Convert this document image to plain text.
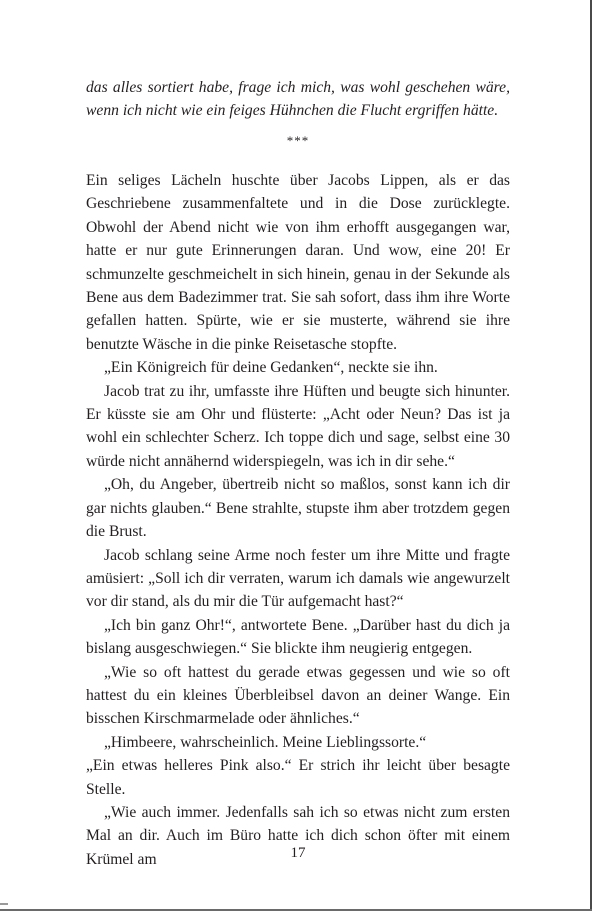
das alles sortiert habe, frage ich mich, was wohl geschehen wäre, wenn ich nicht wie ein feiges Hühnchen die Flucht ergriffen hätte.

***

Ein seliges Lächeln huschte über Jacobs Lippen, als er das Geschriebene zusammenfaltete und in die Dose zurücklegte. Obwohl der Abend nicht wie von ihm erhofft ausgegangen war, hatte er nur gute Erinnerungen daran. Und wow, eine 20! Er schmunzelte geschmeichelt in sich hinein, genau in der Sekunde als Bene aus dem Badezimmer trat. Sie sah sofort, dass ihm ihre Worte gefallen hatten. Spürte, wie er sie musterte, während sie ihre benutzte Wäsche in die pinke Reisetasche stopfte.

„Ein Königreich für deine Gedanken“, neckte sie ihn.

Jacob trat zu ihr, umfasste ihre Hüften und beugte sich hinunter. Er küsste sie am Ohr und flüsterte: „Acht oder Neun? Das ist ja wohl ein schlechter Scherz. Ich toppe dich und sage, selbst eine 30 würde nicht annähernd widerspiegeln, was ich in dir sehe.“

„Oh, du Angeber, übertreib nicht so maßlos, sonst kann ich dir gar nichts glauben.“ Bene strahlte, stupste ihm aber trotzdem gegen die Brust.

Jacob schlang seine Arme noch fester um ihre Mitte und fragte amüsiert: „Soll ich dir verraten, warum ich damals wie angewurzelt vor dir stand, als du mir die Tür aufgemacht hast?“

„Ich bin ganz Ohr!“, antwortete Bene. „Darüber hast du dich ja bislang ausgeschwiegen.“ Sie blickte ihm neugierig entgegen.

„Wie so oft hattest du gerade etwas gegessen und wie so oft hattest du ein kleines Überbleibsel davon an deiner Wange. Ein bisschen Kirschmarmelade oder ähnliches.“

„Himbeere, wahrscheinlich. Meine Lieblingssorte.“

„Ein etwas helleres Pink also.“ Er strich ihr leicht über besagte Stelle.

„Wie auch immer. Jedenfalls sah ich so etwas nicht zum ersten Mal an dir. Auch im Büro hatte ich dich schon öfter mit einem Krümel am	17
